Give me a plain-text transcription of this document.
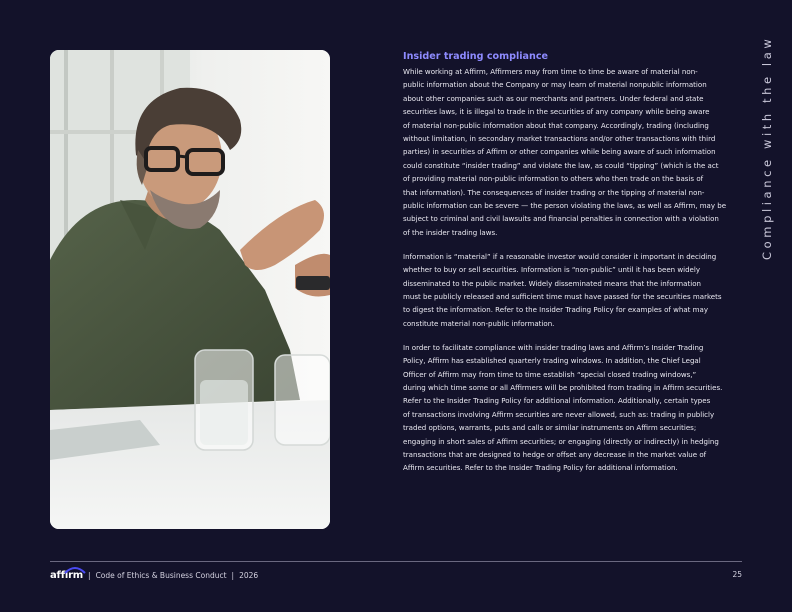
Insider trading compliance

While working at Affirm, Affirmers may from time to time be aware of material non-
public information about the Company or may learn of material nonpublic information
about other companies such as our merchants and partners. Under federal and state
securities laws, it is illegal to trade in the securities of any company while being aware
of material non-public information about that company. Accordingly, trading (including
without limitation, in secondary market transactions and/or other transactions with third
parties) in securities of Affirm or other companies while being aware of such information
could constitute “insider trading” and violate the law, as could “tipping” (which is the act
of providing material non-public information to others who then trade on the basis of
that information). The consequences of insider trading or the tipping of material non-
public information can be severe — the person violating the laws, as well as Affirm, may be
subject to criminal and civil lawsuits and financial penalties in connection with a violation
of the insider trading laws.

Information is “material” if a reasonable investor would consider it important in deciding
whether to buy or sell securities. Information is “non-public” until it has been widely
disseminated to the public market. Widely disseminated means that the information
must be publicly released and sufficient time must have passed for the securities markets
to digest the information. Refer to the Insider Trading Policy for examples of what may
constitute material non-public information.

In order to facilitate compliance with insider trading laws and Affirm’s Insider Trading
Policy, Affirm has established quarterly trading windows. In addition, the Chief Legal
Officer of Affirm may from time to time establish “special closed trading windows,”
during which time some or all Affirmers will be prohibited from trading in Affirm securities.
Refer to the Insider Trading Policy for additional information. Additionally, certain types
of transactions involving Affirm securities are never allowed, such as: trading in publicly
traded options, warrants, puts and calls or similar instruments on Affirm securities;
engaging in short sales of Affirm securities; or engaging (directly or indirectly) in hedging
transactions that are designed to hedge or offset any decrease in the market value of
Affirm securities. Refer to the Insider Trading Policy for additional information.

Compliance with the law
affirm | Code of Ethics & Business Conduct | 2026	25
